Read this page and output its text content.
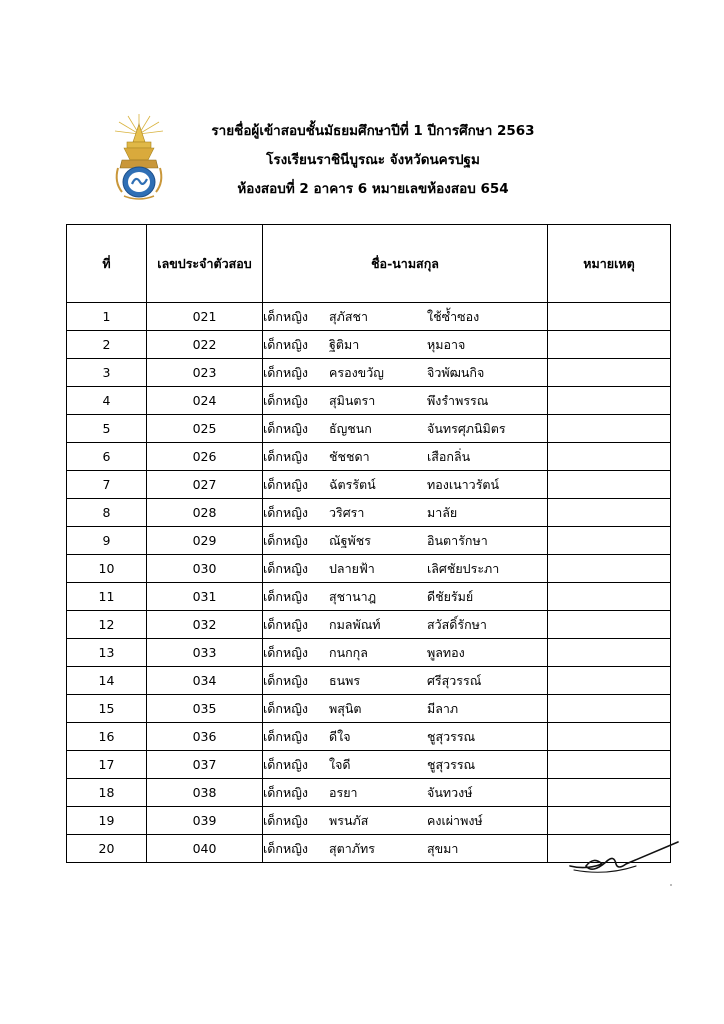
รายชื่อผู้เข้าสอบชั้นมัธยมศึกษาปีที่ 1 ปีการศึกษา 2563
โรงเรียนราชินีบูรณะ จังหวัดนครปฐม
ห้องสอบที่ 2 อาคาร 6 หมายเลขห้องสอบ 654
ที่	เลขประจำตัวสอบ	ชื่อ-นามสกุล	หมายเหตุ
1	021	เด็กหญิง สุภัสชา ใช้ซ้ำซอง	
2	022	เด็กหญิง ฐิติมา หุมอาจ	
3	023	เด็กหญิง ครองขวัญ จิวพัฒนกิจ	
4	024	เด็กหญิง สุมินตรา พึงรำพรรณ	
5	025	เด็กหญิง ธัญชนก จันทรศุภนิมิตร	
6	026	เด็กหญิง ชัชชดา เสือกลิ่น	
7	027	เด็กหญิง ฉัตรรัตน์ ทองเนาวรัตน์	
8	028	เด็กหญิง วริศรา มาลัย	
9	029	เด็กหญิง ณัฐพัชร อินตารักษา	
10	030	เด็กหญิง ปลายฟ้า เลิศชัยประภา	
11	031	เด็กหญิง สุชานาฎ ดีชัยรัมย์	
12	032	เด็กหญิง กมลพัณท์ สวัสดิ์รักษา	
13	033	เด็กหญิง กนกกุล พูลทอง	
14	034	เด็กหญิง ธนพร ศรีสุวรรณ์	
15	035	เด็กหญิง พสุนิต มีลาภ	
16	036	เด็กหญิง ดีใจ ชูสุวรรณ	
17	037	เด็กหญิง ใจดี ชูสุวรรณ	
18	038	เด็กหญิง อรยา จันทวงษ์	
19	039	เด็กหญิง พรนภัส คงเผ่าพงษ์	
20	040	เด็กหญิง สุตาภัทร สุขมา	
